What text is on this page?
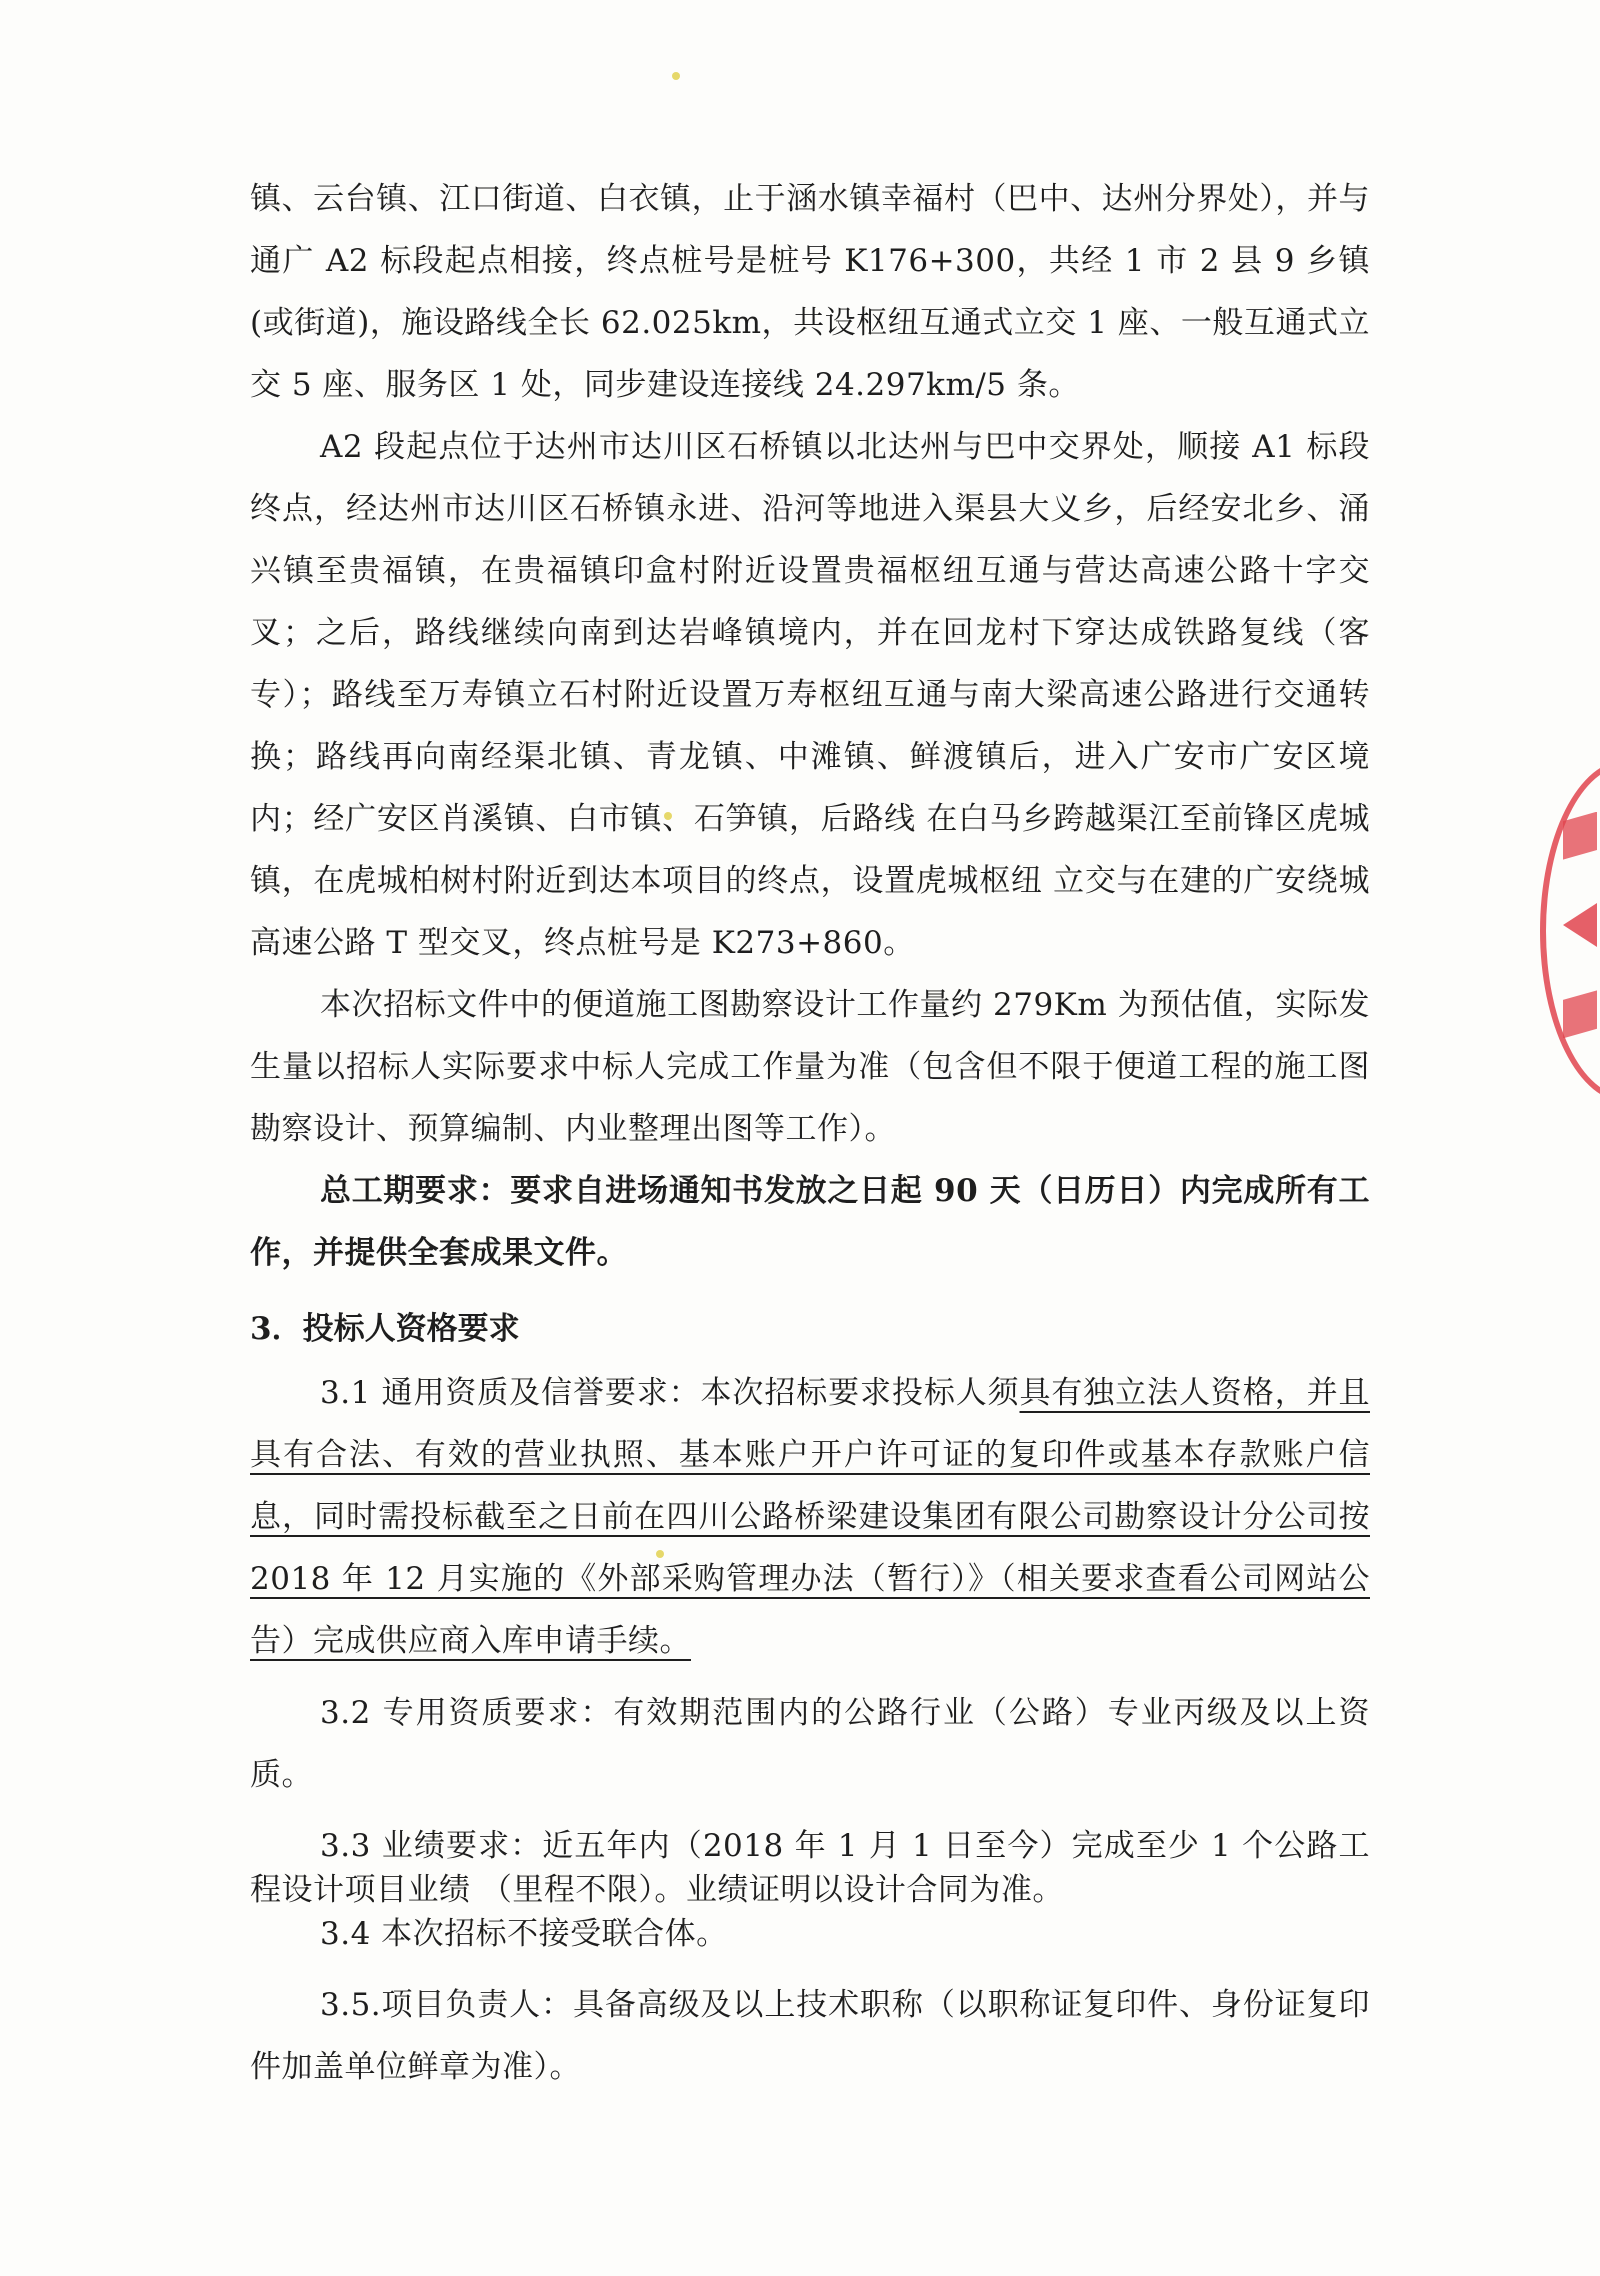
镇、云台镇、江口街道、白衣镇，止于涵水镇幸福村（巴中、达州分界处），并与通广 A2 标段起点相接，终点桩号是桩号 K176+300，共经 1 市 2 县 9 乡镇(或街道)，施设路线全长 62.025km，共设枢纽互通式立交 1 座、一般互通式立交 5 座、服务区 1 处，同步建设连接线 24.297km/5 条。

A2 段起点位于达州市达川区石桥镇以北达州与巴中交界处，顺接 A1 标段终点，经达州市达川区石桥镇永进、沿河等地进入渠县大义乡，后经安北乡、涌兴镇至贵福镇，在贵福镇印盒村附近设置贵福枢纽互通与营达高速公路十字交叉；之后，路线继续向南到达岩峰镇境内，并在回龙村下穿达成铁路复线（客专）；路线至万寿镇立石村附近设置万寿枢纽互通与南大梁高速公路进行交通转换；路线再向南经渠北镇、青龙镇、中滩镇、鲜渡镇后，进入广安市广安区境内；经广安区肖溪镇、白市镇、石笋镇，后路线 在白马乡跨越渠江至前锋区虎城镇，在虎城柏树村附近到达本项目的终点，设置虎城枢纽 立交与在建的广安绕城高速公路 T 型交叉，终点桩号是 K273+860。

本次招标文件中的便道施工图勘察设计工作量约 279Km 为预估值，实际发生量以招标人实际要求中标人完成工作量为准（包含但不限于便道工程的施工图勘察设计、预算编制、内业整理出图等工作）。

总工期要求：要求自进场通知书发放之日起 90 天（日历日）内完成所有工作，并提供全套成果文件。

3．投标人资格要求

3.1 通用资质及信誉要求：本次招标要求投标人须具有独立法人资格，并且具有合法、有效的营业执照、基本账户开户许可证的复印件或基本存款账户信息，同时需投标截至之日前在四川公路桥梁建设集团有限公司勘察设计分公司按 2018 年 12 月实施的《外部采购管理办法（暂行）》（相关要求查看公司网站公告）完成供应商入库申请手续。

3.2 专用资质要求：有效期范围内的公路行业（公路）专业丙级及以上资质。

3.3 业绩要求：近五年内（2018 年 1 月 1 日至今）完成至少 1 个公路工程设计项目业绩 （里程不限）。业绩证明以设计合同为准。

3.4 本次招标不接受联合体。

3.5.项目负责人：具备高级及以上技术职称（以职称证复印件、身份证复印件加盖单位鲜章为准）。
